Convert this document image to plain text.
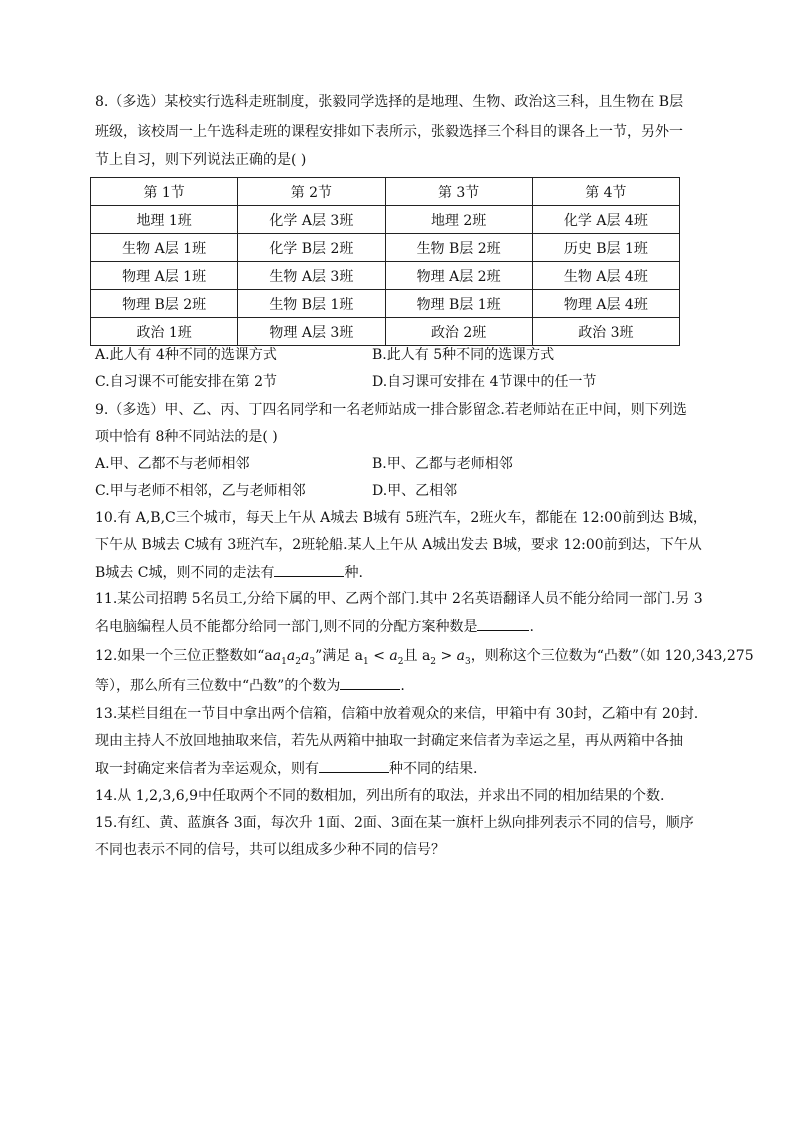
8.（多选）某校实行选科走班制度，张毅同学选择的是地理、生物、政治这三科，且生物在 B层
班级，该校周一上午选科走班的课程安排如下表所示，张毅选择三个科目的课各上一节，另外一
节上自习，则下列说法正确的是( )
第 1节	第 2节	第 3节	第 4节
地理 1班	化学 A层 3班	地理 2班	化学 A层 4班
生物 A层 1班	化学 B层 2班	生物 B层 2班	历史 B层 1班
物理 A层 1班	生物 A层 3班	物理 A层 2班	生物 A层 4班
物理 B层 2班	生物 B层 1班	物理 B层 1班	物理 A层 4班
政治 1班	物理 A层 3班	政治 2班	政治 3班
A.此人有 4种不同的选课方式	B.此人有 5种不同的选课方式
C.自习课不可能安排在第 2节	D.自习课可安排在 4节课中的任一节
9.（多选）甲、乙、丙、丁四名同学和一名老师站成一排合影留念.若老师站在正中间，则下列选
项中恰有 8种不同站法的是( )
A.甲、乙都不与老师相邻	B.甲、乙都与老师相邻
C.甲与老师不相邻，乙与老师相邻	D.甲、乙相邻
10.有 A,B,C三个城市，每天上午从 A城去 B城有 5班汽车，2班火车，都能在 12:00前到达 B城，
下午从 B城去 C城有 3班汽车，2班轮船.某人上午从 A城出发去 B城，要求 12:00前到达，下午从
B城去 C城，则不同的走法有	种.
11.某公司招聘 5名员工,分给下属的甲、乙两个部门.其中 2名英语翻译人员不能分给同一部门.另 3
名电脑编程人员不能都分给同一部门,则不同的分配方案种数是	.
12.如果一个三位正整数如“$aa_1a_2a_3$”满足 $a_1 < a_2$且 $a_2 > a_3$，则称这个三位数为“凸数”（如 120,343,275
等），那么所有三位数中“凸数”的个数为	.
13.某栏目组在一节目中拿出两个信箱，信箱中放着观众的来信，甲箱中有 30封，乙箱中有 20封.
现由主持人不放回地抽取来信，若先从两箱中抽取一封确定来信者为幸运之星，再从两箱中各抽
取一封确定来信者为幸运观众，则有	种不同的结果.
14.从 1,2,3,6,9中任取两个不同的数相加，列出所有的取法，并求出不同的相加结果的个数.
15.有红、黄、蓝旗各 3面，每次升 1面、2面、3面在某一旗杆上纵向排列表示不同的信号，顺序
不同也表示不同的信号，共可以组成多少种不同的信号？
